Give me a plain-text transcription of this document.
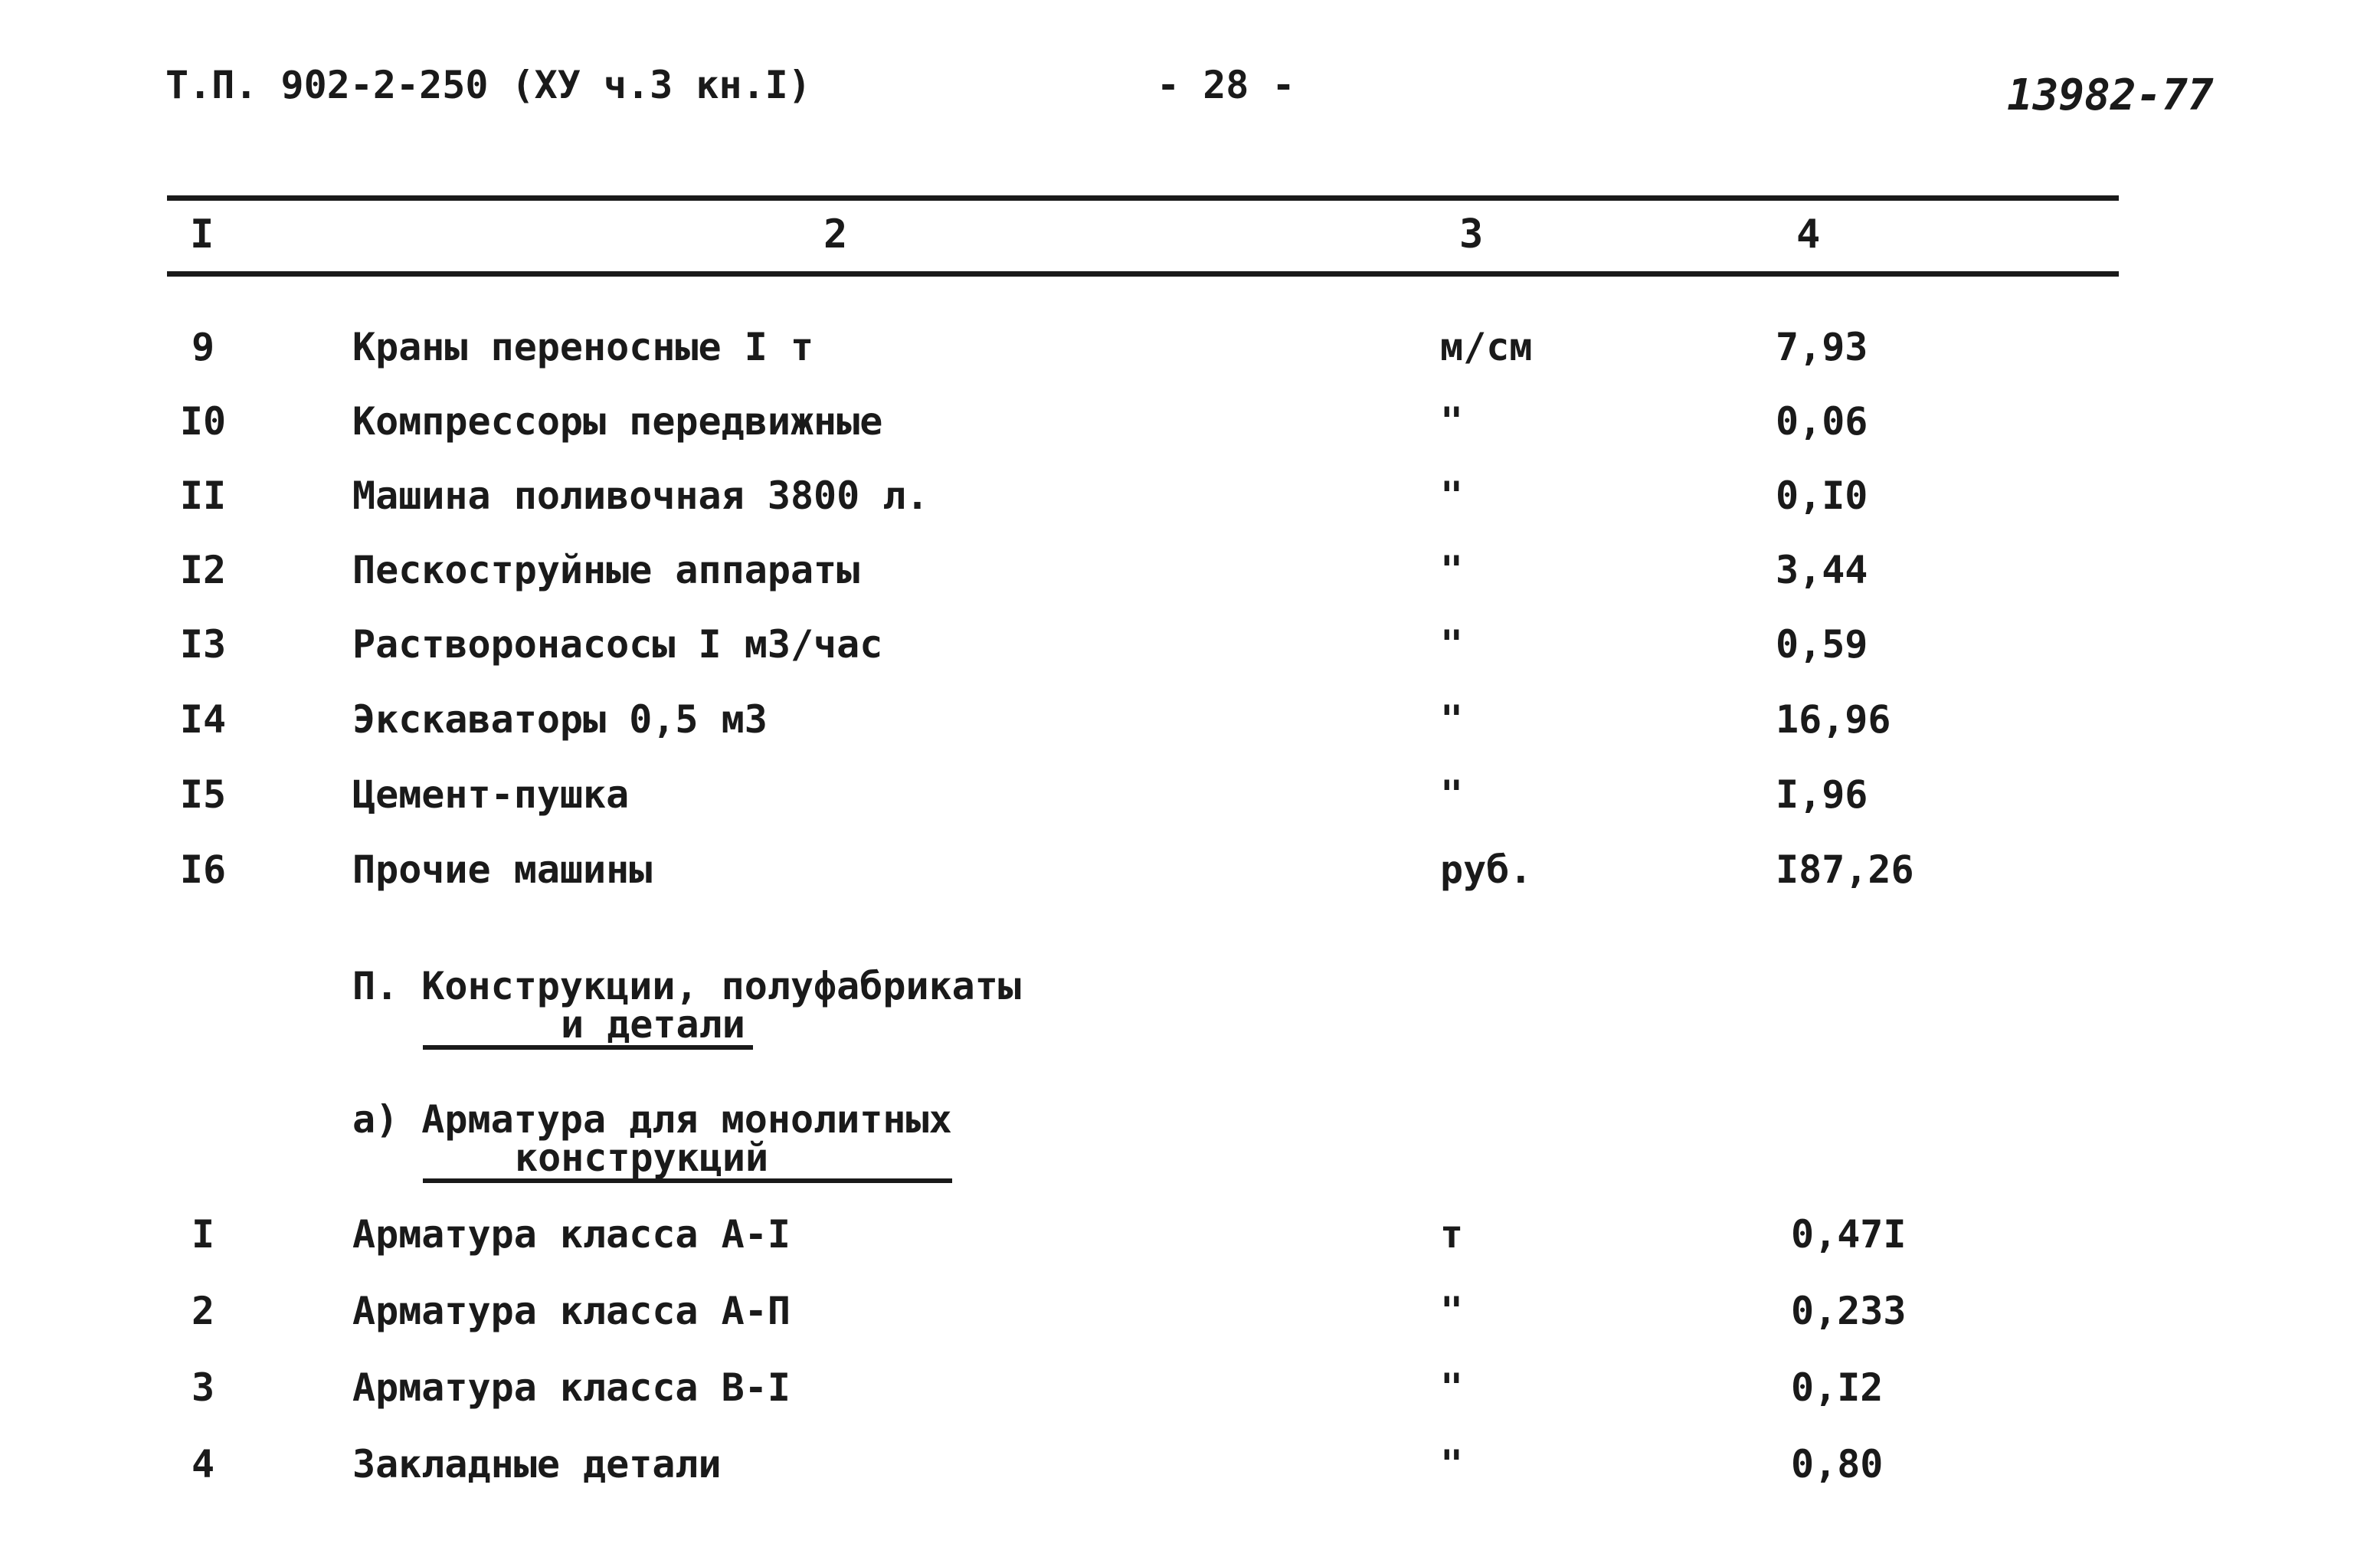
Т.П. 902-2-250 (ХУ ч.3 кн.I)	- 28 -	13982-77
I	2	3	4
9	Краны переносные I т	м/см	7,93
I0	Компрессоры передвижные	"	0,06
II	Машина поливочная 3800 л.	"	0,I0
I2	Пескоструйные аппараты	"	3,44
I3	Растворонасосы I м3/час	"	0,59
I4	Экскаваторы 0,5 м3	"	16,96
I5	Цемент-пушка	"	I,96
I6	Прочие машины	руб.	I87,26
П. Конструкции, полуфабрикаты
и детали
а) Арматура для монолитных
конструкций
I	Арматура класса А-I	т	0,47I
2	Арматура класса А-П	"	0,233
3	Арматура класса В-I	"	0,I2
4	Закладные детали	"	0,80
